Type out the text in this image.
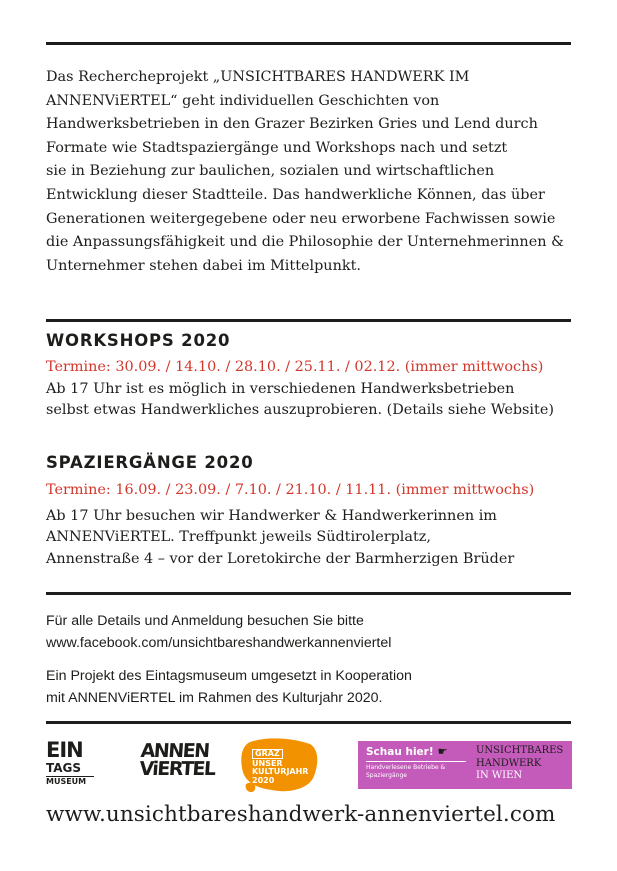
Das Rechercheprojekt „UNSICHTBARES HANDWERK IM
ANNENViERTEL“ geht individuellen Geschichten von
Handwerksbetrieben in den Grazer Bezirken Gries und Lend durch
Formate wie Stadtspaziergänge und Workshops nach und setzt
sie in Beziehung zur baulichen, sozialen und wirtschaftlichen
Entwicklung dieser Stadtteile. Das handwerkliche Können, das über
Generationen weitergegebene oder neu erworbene Fachwissen sowie
die Anpassungsfähigkeit und die Philosophie der Unternehmerinnen &
Unternehmer stehen dabei im Mittelpunkt.
WORKSHOPS 2020
Termine: 30.09. / 14.10. / 28.10. / 25.11. / 02.12. (immer mittwochs)
Ab 17 Uhr ist es möglich in verschiedenen Handwerksbetrieben
selbst etwas Handwerkliches auszuprobieren. (Details siehe Website)
SPAZIERGÄNGE 2020
Termine: 16.09. / 23.09. / 7.10. / 21.10. / 11.11. (immer mittwochs)
Ab 17 Uhr besuchen wir Handwerker & Handwerkerinnen im
ANNENViERTEL. Treffpunkt jeweils Südtirolerplatz,
Annenstraße 4 – vor der Loretokirche der Barmherzigen Brüder
Für alle Details und Anmeldung besuchen Sie bitte
www.facebook.com/unsichtbareshandwerkannenviertel
Ein Projekt des Eintagsmuseum umgesetzt in Kooperation
mit ANNENViERTEL im Rahmen des Kulturjahr 2020.
EIN
TAGS
MUSEUM
ANNEN
ViERTEL
GRAZ
UNSER
KULTURJAHR
2020
Schau hier! ☛
Handverlesene Betriebe &
Spaziergänge
UNSICHTBARES
HANDWERK
IN WIEN
www.unsichtbareshandwerk-annenviertel.com
